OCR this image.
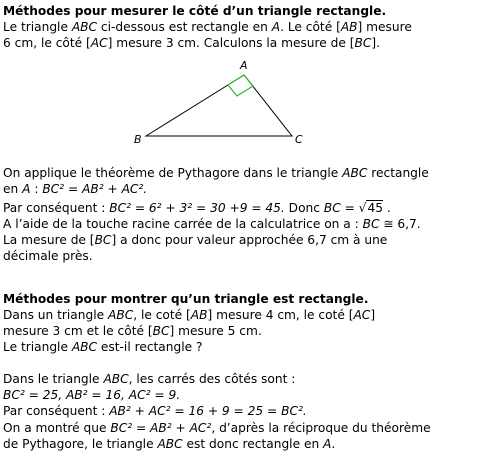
Méthodes pour mesurer le côté d’un triangle rectangle.
Le triangle ABC ci-dessous est rectangle en A. Le côté [AB] mesure
6 cm, le côté [AC] mesure 3 cm. Calculons la mesure de [BC].
A
B	C
On applique le théorème de Pythagore dans le triangle ABC rectangle
en A : BC² = AB² + AC².
Par conséquent : BC² = 6² + 3² = 30 +9 = 45. Donc BC = √45 .
A l’aide de la touche racine carrée de la calculatrice on a : BC ≅ 6,7.
La mesure de [BC] a donc pour valeur approchée 6,7 cm à une
décimale près.
Méthodes pour montrer qu’un triangle est rectangle.
Dans un triangle ABC, le coté [AB] mesure 4 cm, le coté [AC]
mesure 3 cm et le côté [BC] mesure 5 cm.
Le triangle ABC est-il rectangle ?
Dans le triangle ABC, les carrés des côtés sont :
BC² = 25, AB² = 16, AC² = 9.
Par conséquent : AB² + AC² = 16 + 9 = 25 = BC².
On a montré que BC² = AB² + AC², d’après la réciproque du théorème
de Pythagore, le triangle ABC est donc rectangle en A.
